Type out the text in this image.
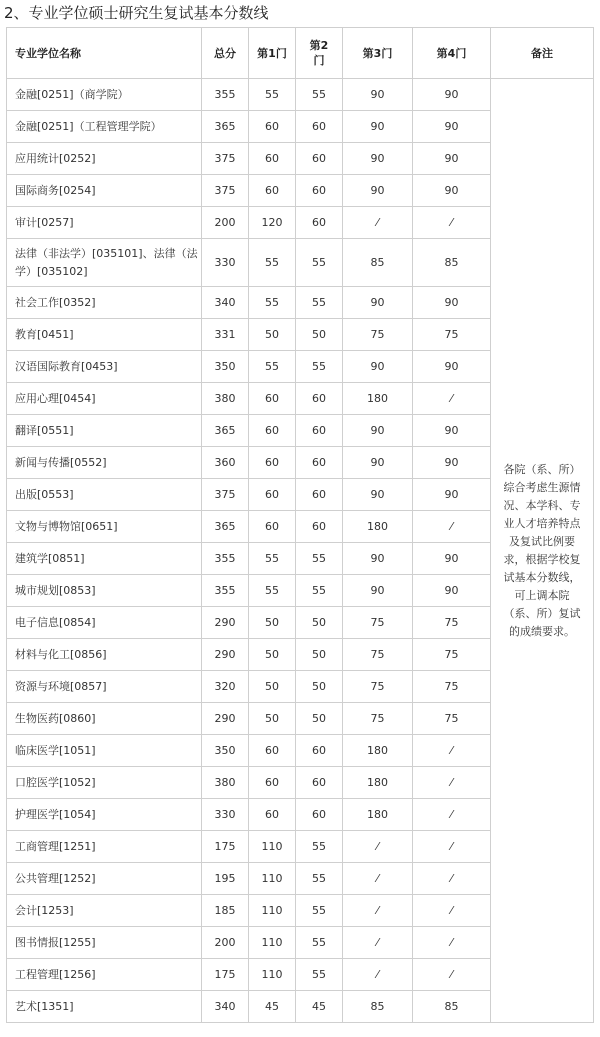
2、专业学位硕士研究生复试基本分数线
专业学位名称	总分	第1门	第2门	第3门	第4门	备注
金融[0251]（商学院）	355	55	55	90	90	各院（系、所）综合考虑生源情况、本学科、专业人才培养特点及复试比例要求，根据学校复试基本分数线，可上调本院（系、所）复试的成绩要求。
金融[0251]（工程管理学院）	365	60	60	90	90	
应用统计[0252]	375	60	60	90	90	
国际商务[0254]	375	60	60	90	90	
审计[0257]	200	120	60	⁄	⁄	
法律（非法学）[035101]、法律（法学）[035102]	330	55	55	85	85	
社会工作[0352]	340	55	55	90	90	
教育[0451]	331	50	50	75	75	
汉语国际教育[0453]	350	55	55	90	90	
应用心理[0454]	380	60	60	180	⁄	
翻译[0551]	365	60	60	90	90	
新闻与传播[0552]	360	60	60	90	90	
出版[0553]	375	60	60	90	90	
文物与博物馆[0651]	365	60	60	180	⁄	
建筑学[0851]	355	55	55	90	90	
城市规划[0853]	355	55	55	90	90	
电子信息[0854]	290	50	50	75	75	
材料与化工[0856]	290	50	50	75	75	
资源与环境[0857]	320	50	50	75	75	
生物医药[0860]	290	50	50	75	75	
临床医学[1051]	350	60	60	180	⁄	
口腔医学[1052]	380	60	60	180	⁄	
护理医学[1054]	330	60	60	180	⁄	
工商管理[1251]	175	110	55	⁄	⁄	
公共管理[1252]	195	110	55	⁄	⁄	
会计[1253]	185	110	55	⁄	⁄	
图书情报[1255]	200	110	55	⁄	⁄	
工程管理[1256]	175	110	55	⁄	⁄	
艺术[1351]	340	45	45	85	85	
